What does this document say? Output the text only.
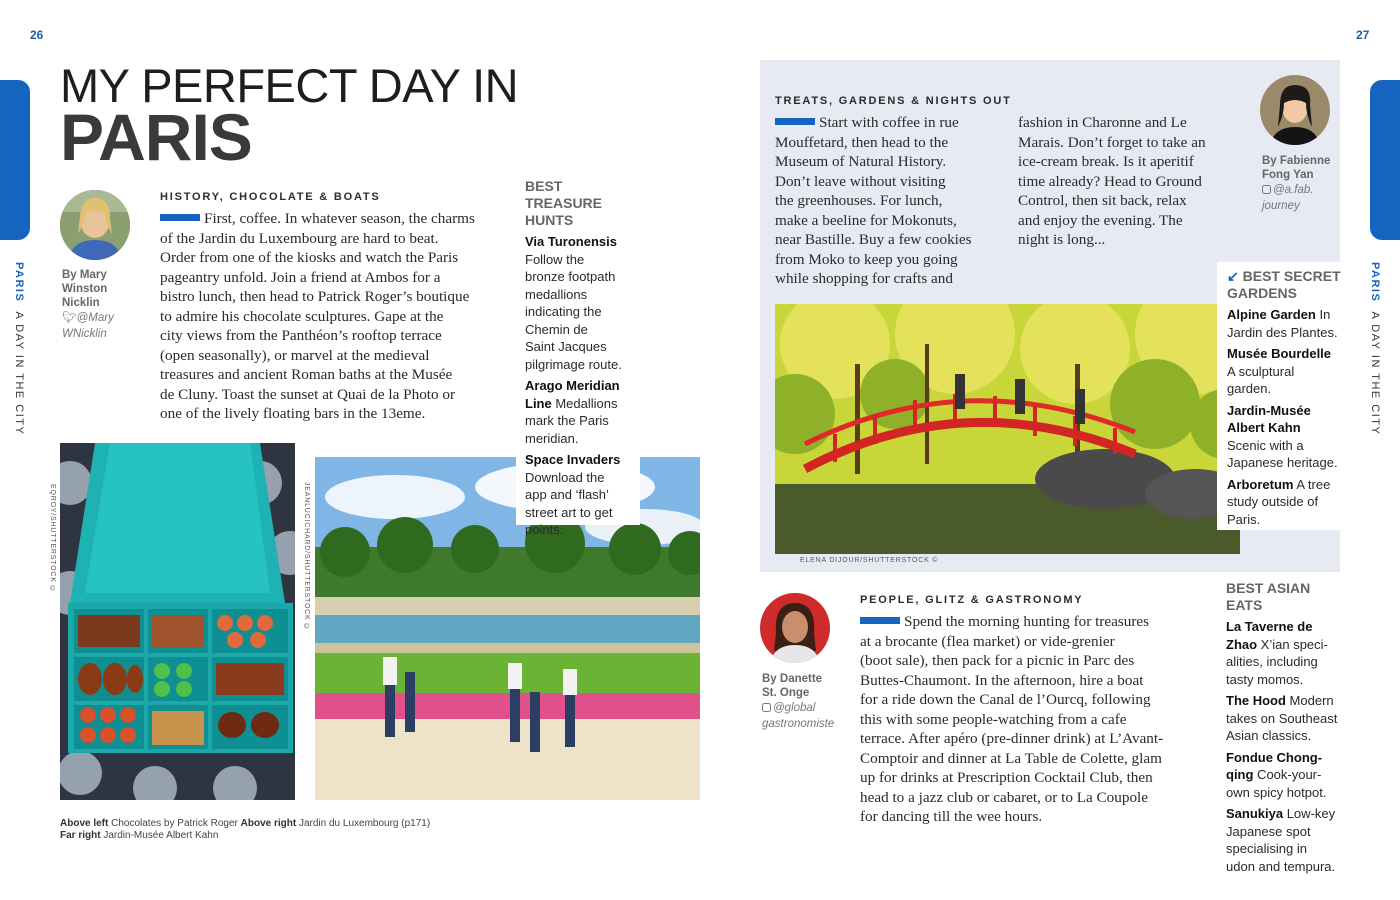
26	27
PARIS  A DAY IN THE CITY
PARIS  A DAY IN THE CITY
MY PERFECT DAY IN
PARIS
By Mary
Winston
Nicklin
🐦︎@Mary
WNicklin
HISTORY, CHOCOLATE & BOATS
First, coffee. In whatever season, the charms
of the Jardin du Luxembourg are hard to beat.
Order from one of the kiosks and watch the Paris
pageantry unfold. Join a friend at Ambos for a
bistro lunch, then head to Patrick Roger’s boutique
to admire his chocolate sculptures. Gape at the
city views from the Panthéon’s rooftop terrace
(open seasonally), or marvel at the medieval
treasures and ancient Roman baths at the Musée
de Cluny. Toast the sunset at Quai de la Photo or
one of the lively floating bars in the 13eme.
EQROY/SHUTTERSTOCK ©	JEANLUCICHARD/SHUTTERSTOCK ©
BEST TREASURE
HUNTS
Via Turonensis
Follow the
bronze footpath
medallions
indicating the
Chemin de
Saint Jacques
pilgrimage route.
Arago Meridian
Line Medallions
mark the Paris
meridian.
Space Invaders
Download the
app and ‘flash’
street art to get
points.
Above left Chocolates by Patrick Roger Above right Jardin du Luxembourg (p171)
Far right Jardin-Musée Albert Kahn
TREATS, GARDENS & NIGHTS OUT
Start with coffee in rue
Mouffetard, then head to the
Museum of Natural History.
Don’t leave without visiting
the greenhouses. For lunch,
make a beeline for Mokonuts,
near Bastille. Buy a few cookies
from Moko to keep you going
while shopping for crafts and
fashion in Charonne and Le
Marais. Don’t forget to take an
ice-cream break. Is it aperitif
time already? Head to Ground
Control, then sit back, relax
and enjoy the evening. The
night is long...
By Fabienne
Fong Yan
@a.fab.
journey
ELENA DIJOUR/SHUTTERSTOCK ©
↙ BEST SECRET
GARDENS
Alpine Garden In
Jardin des Plantes.
Musée Bourdelle
A sculptural
garden.
Jardin-Musée
Albert Kahn
Scenic with a
Japanese heritage.
Arboretum A tree
study outside of
Paris.
By Danette
St. Onge
@global
gastronomiste
PEOPLE, GLITZ & GASTRONOMY
Spend the morning hunting for treasures
at a brocante (flea market) or vide-grenier
(boot sale), then pack for a picnic in Parc des
Buttes-Chaumont. In the afternoon, hire a boat
for a ride down the Canal de l’Ourcq, following
this with some people-watching from a cafe
terrace. After apéro (pre-dinner drink) at L’Avant-
Comptoir and dinner at La Table de Colette, glam
up for drinks at Prescription Cocktail Club, then
head to a jazz club or cabaret, or to La Coupole
for dancing till the wee hours.
BEST ASIAN EATS
La Taverne de
Zhao X’ian speci-
alities, including
tasty momos.
The Hood Modern
takes on Southeast
Asian classics.
Fondue Chong-
qing Cook-your-
own spicy hotpot.
Sanukiya Low-key
Japanese spot
specialising in
udon and tempura.
